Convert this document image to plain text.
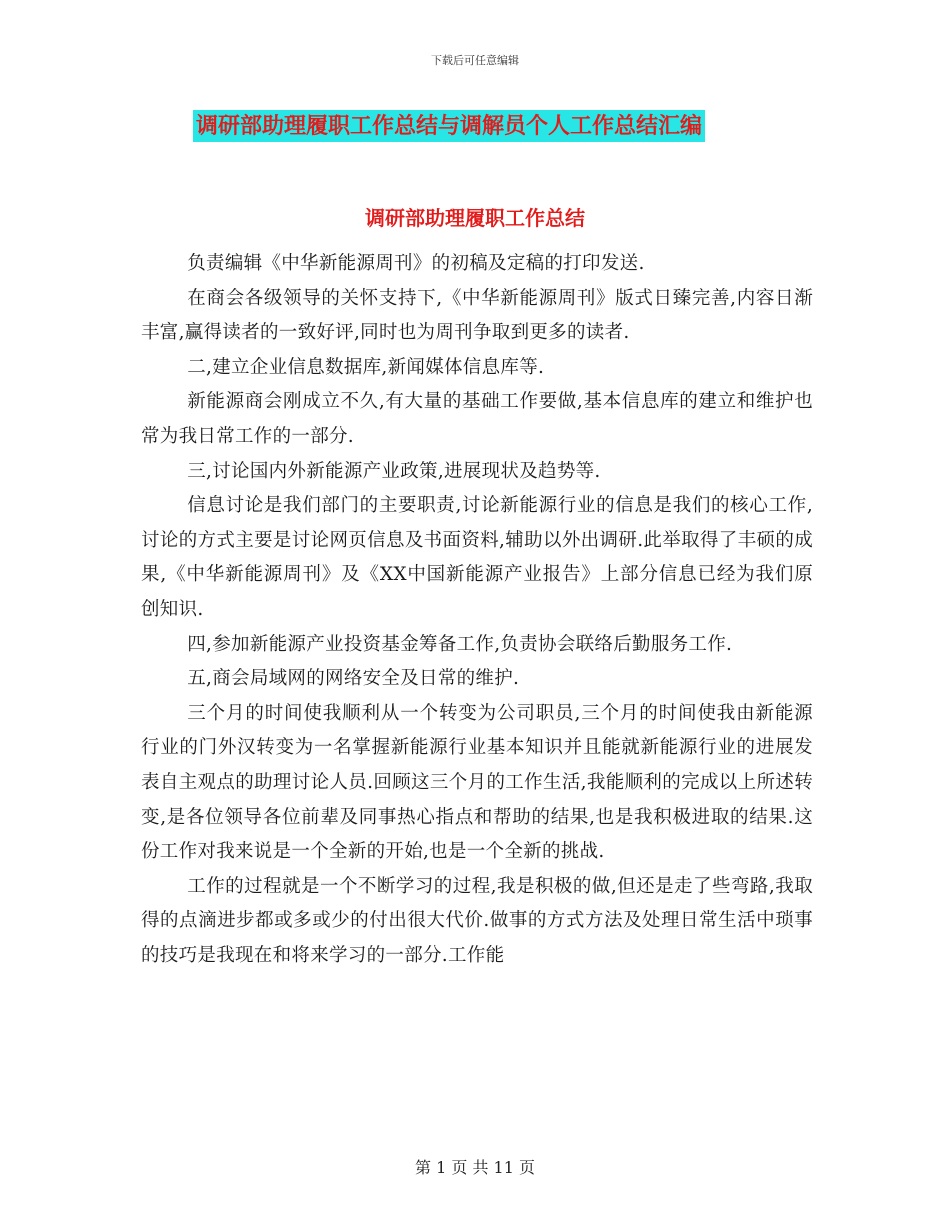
下载后可任意编辑
调研部助理履职工作总结与调解员个人工作总结汇编
调研部助理履职工作总结

负责编辑《中华新能源周刊》的初稿及定稿的打印发送.

在商会各级领导的关怀支持下,《中华新能源周刊》版式日臻完善,内容日渐丰富,赢得读者的一致好评,同时也为周刊争取到更多的读者.

二,建立企业信息数据库,新闻媒体信息库等.

新能源商会刚成立不久,有大量的基础工作要做,基本信息库的建立和维护也常为我日常工作的一部分.

三,讨论国内外新能源产业政策,进展现状及趋势等.

信息讨论是我们部门的主要职责,讨论新能源行业的信息是我们的核心工作,讨论的方式主要是讨论网页信息及书面资料,辅助以外出调研.此举取得了丰硕的成果,《中华新能源周刊》及《XX中国新能源产业报告》上部分信息已经为我们原创知识.

四,参加新能源产业投资基金筹备工作,负责协会联络后勤服务工作.

五,商会局域网的网络安全及日常的维护.

三个月的时间使我顺利从一个转变为公司职员,三个月的时间使我由新能源行业的门外汉转变为一名掌握新能源行业基本知识并且能就新能源行业的进展发表自主观点的助理讨论人员.回顾这三个月的工作生活,我能顺利的完成以上所述转变,是各位领导各位前辈及同事热心指点和帮助的结果,也是我积极进取的结果.这份工作对我来说是一个全新的开始,也是一个全新的挑战.

工作的过程就是一个不断学习的过程,我是积极的做,但还是走了些弯路,我取得的点滴进步都或多或少的付出很大代价.做事的方式方法及处理日常生活中琐事的技巧是我现在和将来学习的一部分.工作能

第 1 页 共 11 页
